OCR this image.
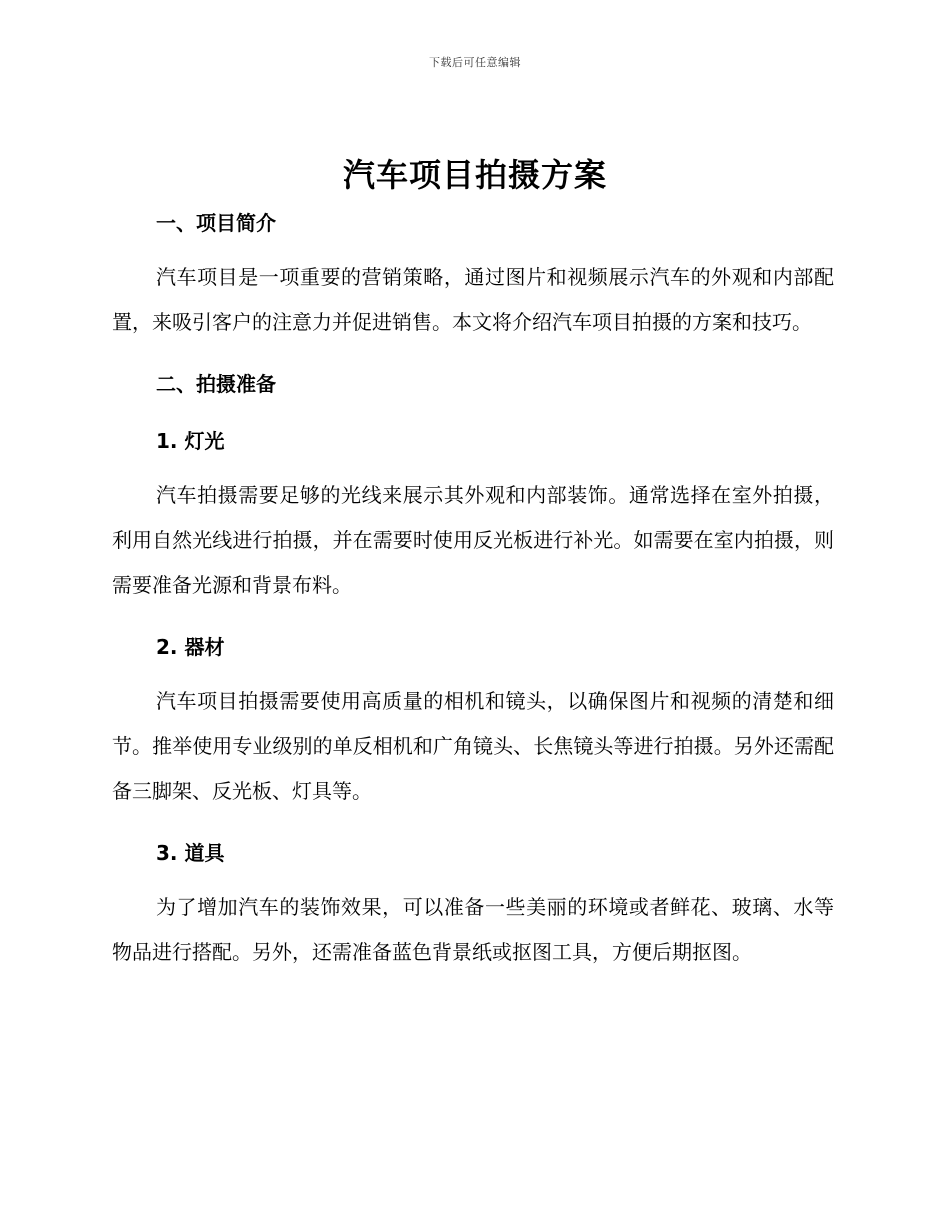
下载后可任意编辑
汽车项目拍摄方案
一、项目简介

汽车项目是一项重要的营销策略，通过图片和视频展示汽车的外观和内部配置，来吸引客户的注意力并促进销售。本文将介绍汽车项目拍摄的方案和技巧。

二、拍摄准备
1. 灯光

汽车拍摄需要足够的光线来展示其外观和内部装饰。通常选择在室外拍摄，利用自然光线进行拍摄，并在需要时使用反光板进行补光。如需要在室内拍摄，则需要准备光源和背景布料。

2. 器材

汽车项目拍摄需要使用高质量的相机和镜头，以确保图片和视频的清楚和细节。推举使用专业级别的单反相机和广角镜头、长焦镜头等进行拍摄。另外还需配备三脚架、反光板、灯具等。

3. 道具

为了增加汽车的装饰效果，可以准备一些美丽的环境或者鲜花、玻璃、水等物品进行搭配。另外，还需准备蓝色背景纸或抠图工具，方便后期抠图。
